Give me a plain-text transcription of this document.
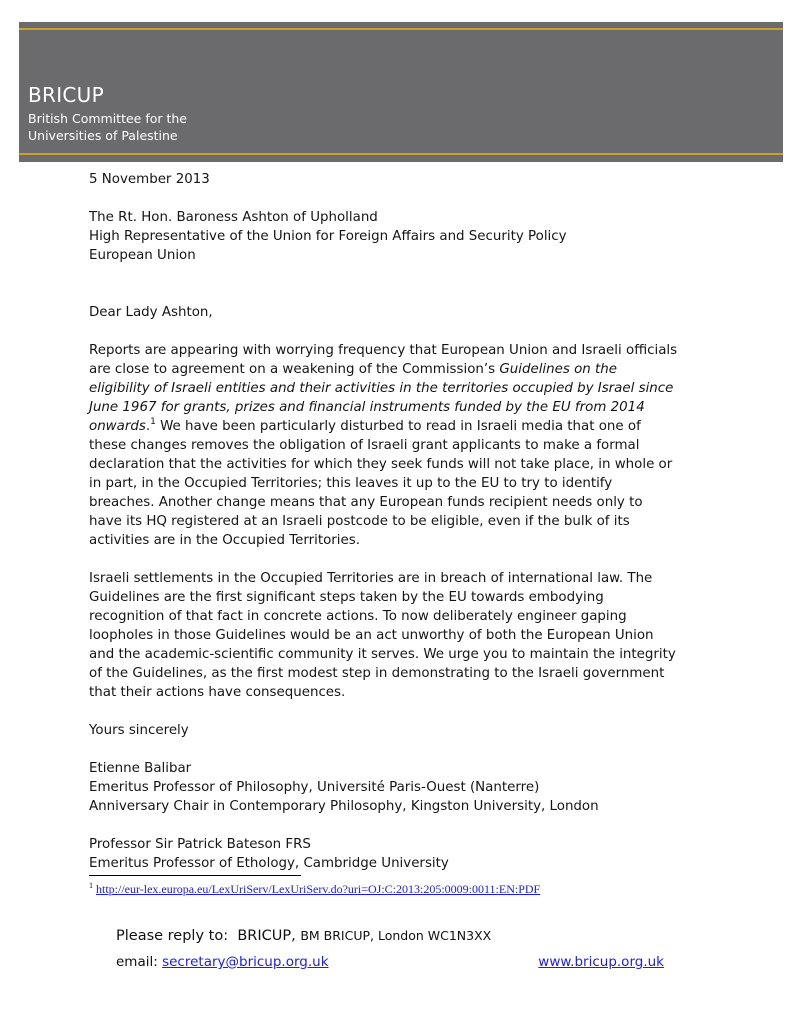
BRICUP
British Committee for the
Universities of Palestine

5 November 2013

The Rt. Hon. Baroness Ashton of Upholland

High Representative of the Union for Foreign Affairs and Security Policy

European Union

Dear Lady Ashton,

Reports are appearing with worrying frequency that European Union and Israeli officials are close to agreement on a weakening of the Commission’s Guidelines on the eligibility of Israeli entities and their activities in the territories occupied by Israel since June 1967 for grants, prizes and financial instruments funded by the EU from 2014 onwards.$^1$ We have been particularly disturbed to read in Israeli media that one of these changes removes the obligation of Israeli grant applicants to make a formal declaration that the activities for which they seek funds will not take place, in whole or in part, in the Occupied Territories; this leaves it up to the EU to try to identify breaches. Another change means that any European funds recipient needs only to have its HQ registered at an Israeli postcode to be eligible, even if the bulk of its activities are in the Occupied Territories.

Israeli settlements in the Occupied Territories are in breach of international law. The Guidelines are the first significant steps taken by the EU towards embodying recognition of that fact in concrete actions. To now deliberately engineer gaping loopholes in those Guidelines would be an act unworthy of both the European Union and the academic-scientific community it serves. We urge you to maintain the integrity of the Guidelines, as the first modest step in demonstrating to the Israeli government that their actions have consequences.

Yours sincerely

Etienne Balibar

Emeritus Professor of Philosophy, Université Paris-Ouest (Nanterre)

Anniversary Chair in Contemporary Philosophy, Kingston University, London

Professor Sir Patrick Bateson FRS

Emeritus Professor of Ethology, Cambridge University

$^1$ http://eur-lex.europa.eu/LexUriServ/LexUriServ.do?uri=OJ:C:2013:205:0009:0011:EN:PDF
Please reply to: BRICUP, BM BRICUP, London WC1N3XX
email: secretary@bricup.org.uk	www.bricup.org.uk
